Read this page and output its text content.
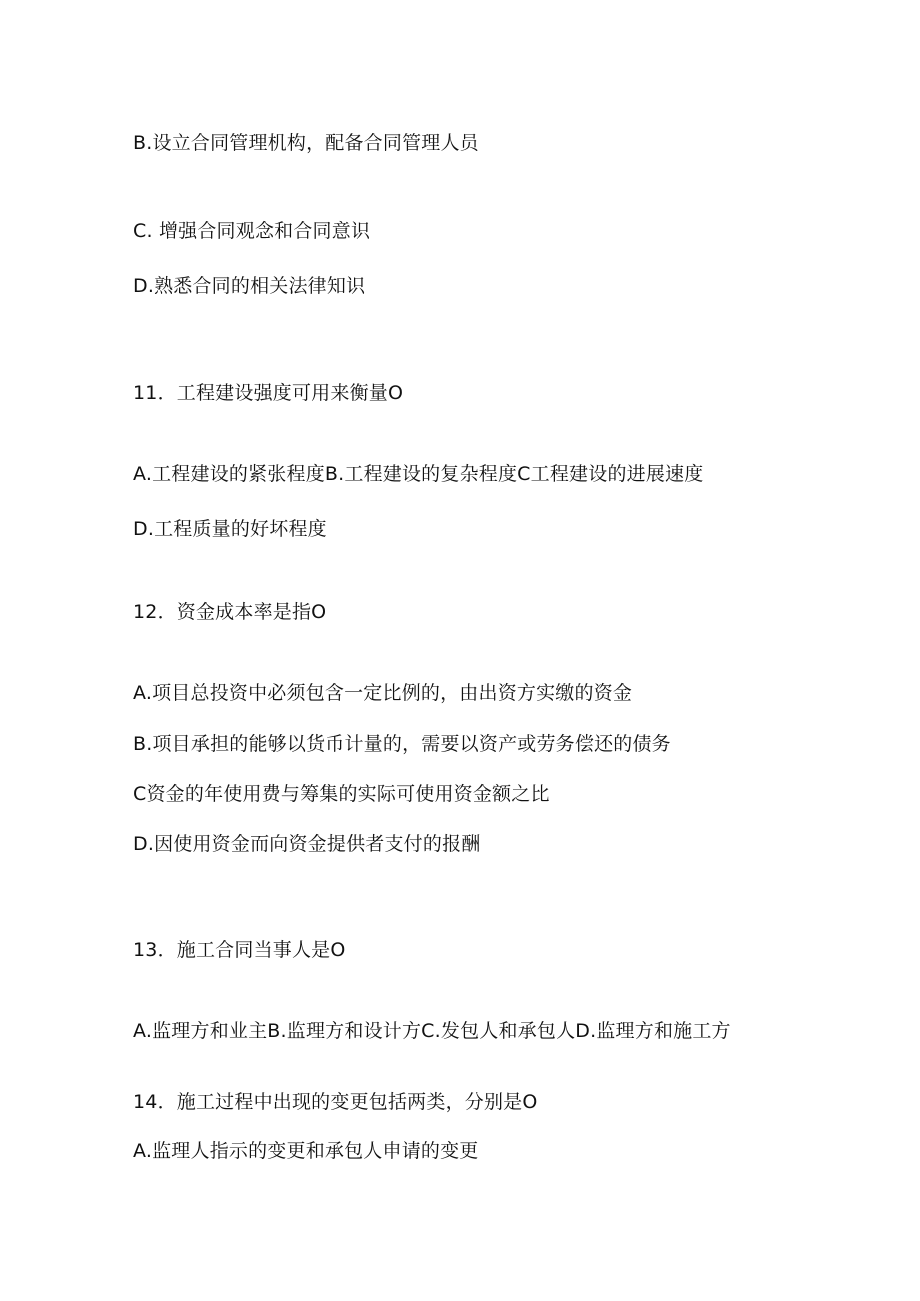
B.设立合同管理机构，配备合同管理人员
C. 增强合同观念和合同意识
D.熟悉合同的相关法律知识
11．工程建设强度可用来衡量O
A.工程建设的紧张程度B.工程建设的复杂程度C工程建设的进展速度
D.工程质量的好坏程度
12．资金成本率是指O
A.项目总投资中必须包含一定比例的，由出资方实缴的资金
B.项目承担的能够以货币计量的，需要以资产或劳务偿还的债务
C资金的年使用费与筹集的实际可使用资金额之比
D.因使用资金而向资金提供者支付的报酬
13．施工合同当事人是O
A.监理方和业主B.监理方和设计方C.发包人和承包人D.监理方和施工方
14．施工过程中出现的变更包括两类，分别是O
A.监理人指示的变更和承包人申请的变更
